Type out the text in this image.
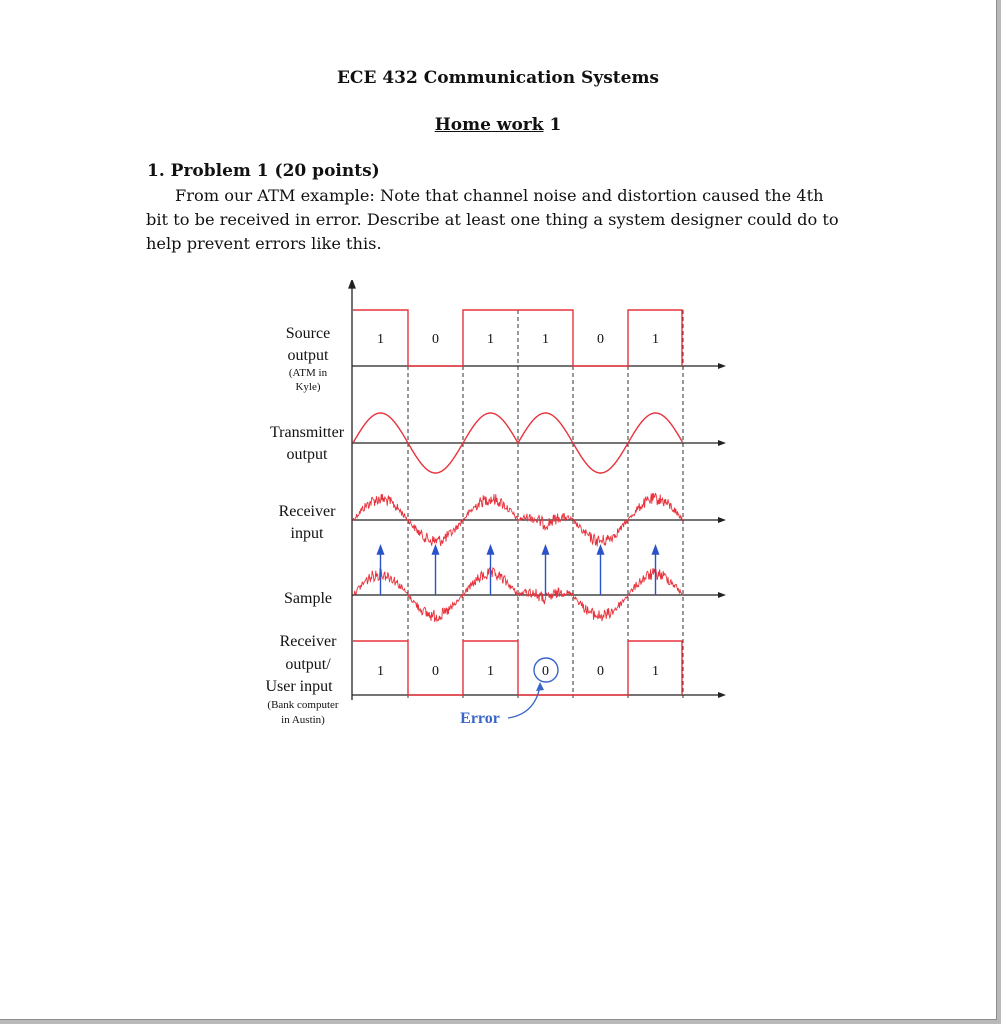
ECE 432 Communication Systems
Home work 1
1. Problem 1 (20 points)
From our ATM example: Note that channel noise and distortion caused the 4th bit to be received in error. Describe at least one thing a system designer could do to help prevent errors like this.
Source
output
(ATM in
Kyle)
Transmitter
output
Receiver
input
Sample
Receiver
output/
User input
(Bank computer
in Austin)
1	0	1	1	0	1
1	0	1	0	0	1
Error
